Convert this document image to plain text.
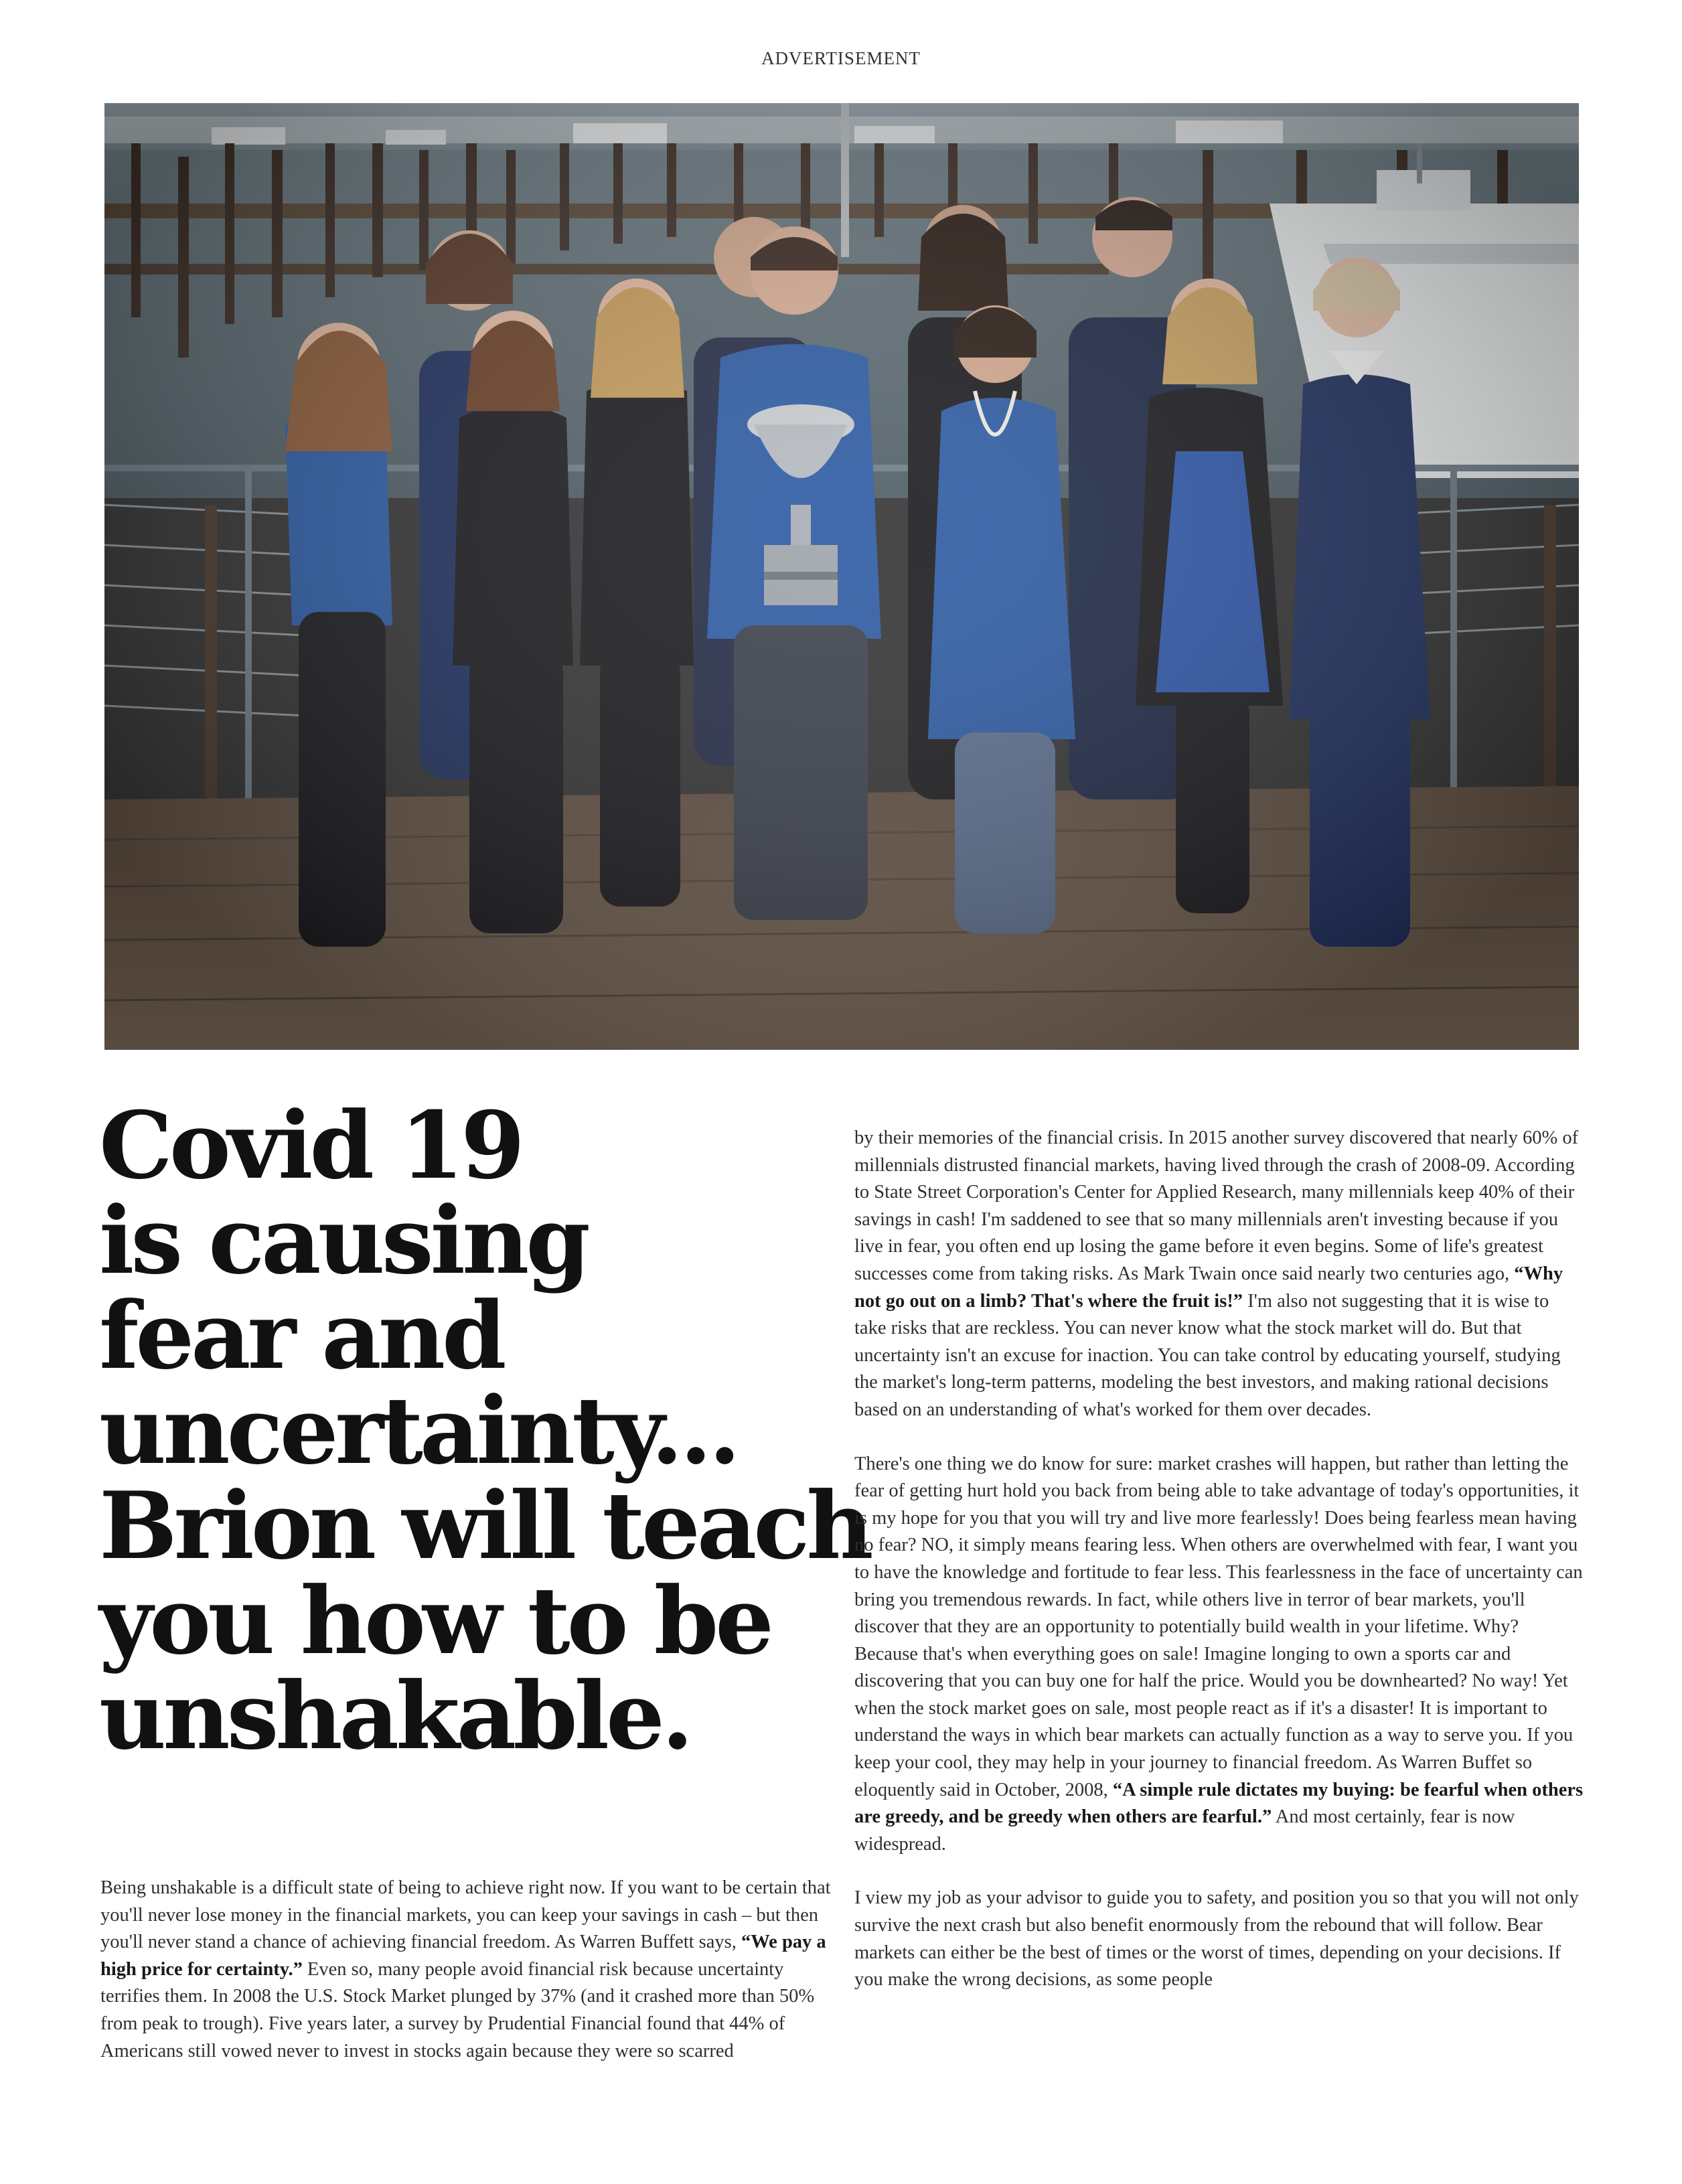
ADVERTISEMENT
Covid 19
is causing
fear and
uncertainty...
Brion will teach
you how to be
unshakable.

Being unshakable is a difficult state of being to achieve right now. If you want to be certain that you'll never lose money in the financial markets, you can keep your savings in cash – but then you'll never stand a chance of achieving financial freedom. As Warren Buffett says, “We pay a high price for certainty.” Even so, many people avoid financial risk because uncertainty terrifies them. In 2008 the U.S. Stock Market plunged by 37% (and it crashed more than 50% from peak to trough). Five years later, a survey by Prudential Financial found that 44% of Americans still vowed never to invest in stocks again because they were so scarred

by their memories of the financial crisis. In 2015 another survey discovered that nearly 60% of millennials distrusted financial markets, having lived through the crash of 2008-09. According to State Street Corporation's Center for Applied Research, many millennials keep 40% of their savings in cash! I'm saddened to see that so many millennials aren't investing because if you live in fear, you often end up losing the game before it even begins. Some of life's greatest successes come from taking risks. As Mark Twain once said nearly two centuries ago, “Why not go out on a limb? That's where the fruit is!” I'm also not suggesting that it is wise to take risks that are reckless. You can never know what the stock market will do. But that uncertainty isn't an excuse for inaction. You can take control by educating yourself, studying the market's long-term patterns, modeling the best investors, and making rational decisions based on an understanding of what's worked for them over decades.

There's one thing we do know for sure: market crashes will happen, but rather than letting the fear of getting hurt hold you back from being able to take advantage of today's opportunities, it is my hope for you that you will try and live more fearlessly! Does being fearless mean having no fear? NO, it simply means fearing less. When others are overwhelmed with fear, I want you to have the knowledge and fortitude to fear less. This fearlessness in the face of uncertainty can bring you tremendous rewards. In fact, while others live in terror of bear markets, you'll discover that they are an opportunity to potentially build wealth in your lifetime. Why? Because that's when everything goes on sale! Imagine longing to own a sports car and discovering that you can buy one for half the price. Would you be downhearted? No way! Yet when the stock market goes on sale, most people react as if it's a disaster! It is important to understand the ways in which bear markets can actually function as a way to serve you. If you keep your cool, they may help in your journey to financial freedom. As Warren Buffet so eloquently said in October, 2008, “A simple rule dictates my buying: be fearful when others are greedy, and be greedy when others are fearful.” And most certainly, fear is now widespread.

I view my job as your advisor to guide you to safety, and position you so that you will not only survive the next crash but also benefit enormously from the rebound that will follow. Bear markets can either be the best of times or the worst of times, depending on your decisions. If you make the wrong decisions, as some people
